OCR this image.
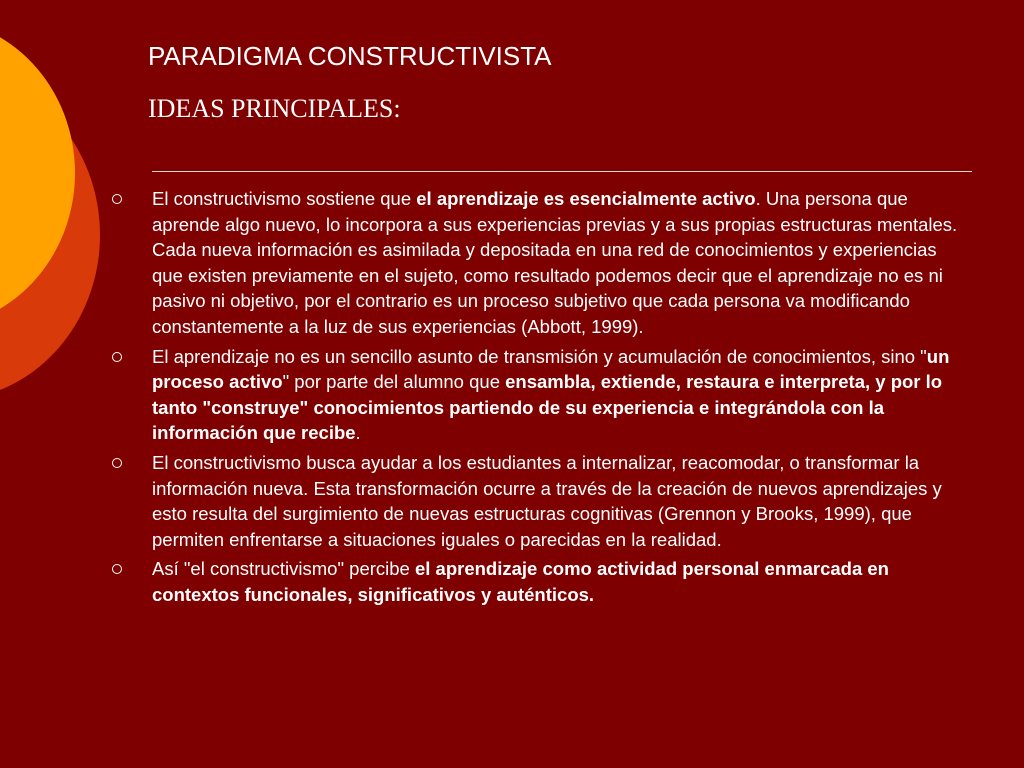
PARADIGMA CONSTRUCTIVISTA
IDEAS PRINCIPALES:
El constructivismo sostiene que el aprendizaje es esencialmente activo. Una persona que aprende algo nuevo, lo incorpora a sus experiencias previas y a sus propias estructuras mentales. Cada nueva información es asimilada y depositada en una red de conocimientos y experiencias que existen previamente en el sujeto, como resultado podemos decir que el aprendizaje no es ni pasivo ni objetivo, por el contrario es un proceso subjetivo que cada persona va modificando constantemente a la luz de sus experiencias (Abbott, 1999).
El aprendizaje no es un sencillo asunto de transmisión y acumulación de conocimientos, sino "un proceso activo" por parte del alumno que ensambla, extiende, restaura e interpreta, y por lo tanto "construye" conocimientos partiendo de su experiencia e integrándola con la información que recibe.
El constructivismo busca ayudar a los estudiantes a internalizar, reacomodar, o transformar la información nueva. Esta transformación ocurre a través de la creación de nuevos aprendizajes y esto resulta del surgimiento de nuevas estructuras cognitivas (Grennon y Brooks, 1999), que permiten enfrentarse a situaciones iguales o parecidas en la realidad.
Así "el constructivismo" percibe el aprendizaje como actividad personal enmarcada en contextos funcionales, significativos y auténticos.
